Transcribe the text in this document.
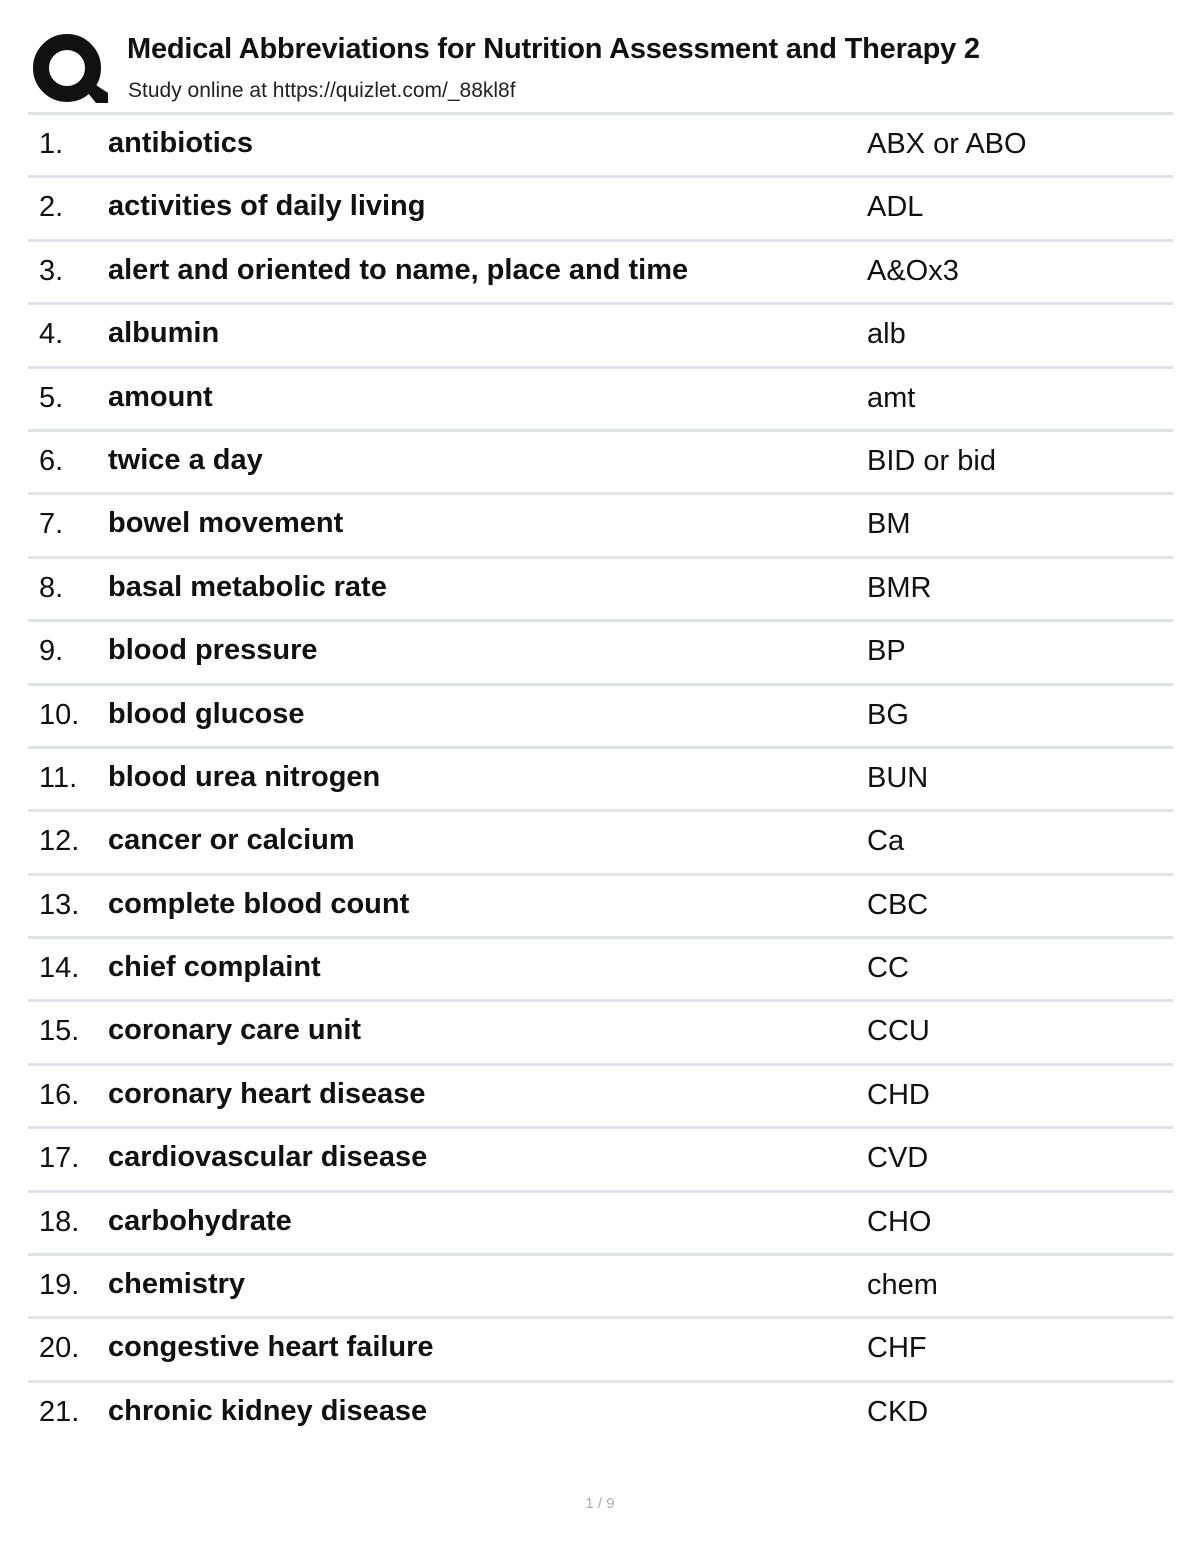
Medical Abbreviations for Nutrition Assessment and Therapy 2
Study online at https://quizlet.com/_88kl8f
1. antibiotics	ABX or ABO
2. activities of daily living	ADL
3. alert and oriented to name, place and time	A&Ox3
4. albumin	alb
5. amount	amt
6. twice a day	BID or bid
7. bowel movement	BM
8. basal metabolic rate	BMR
9. blood pressure	BP
10. blood glucose	BG
11. blood urea nitrogen	BUN
12. cancer or calcium	Ca
13. complete blood count	CBC
14. chief complaint	CC
15. coronary care unit	CCU
16. coronary heart disease	CHD
17. cardiovascular disease	CVD
18. carbohydrate	CHO
19. chemistry	chem
20. congestive heart failure	CHF
21. chronic kidney disease	CKD
1 / 9
